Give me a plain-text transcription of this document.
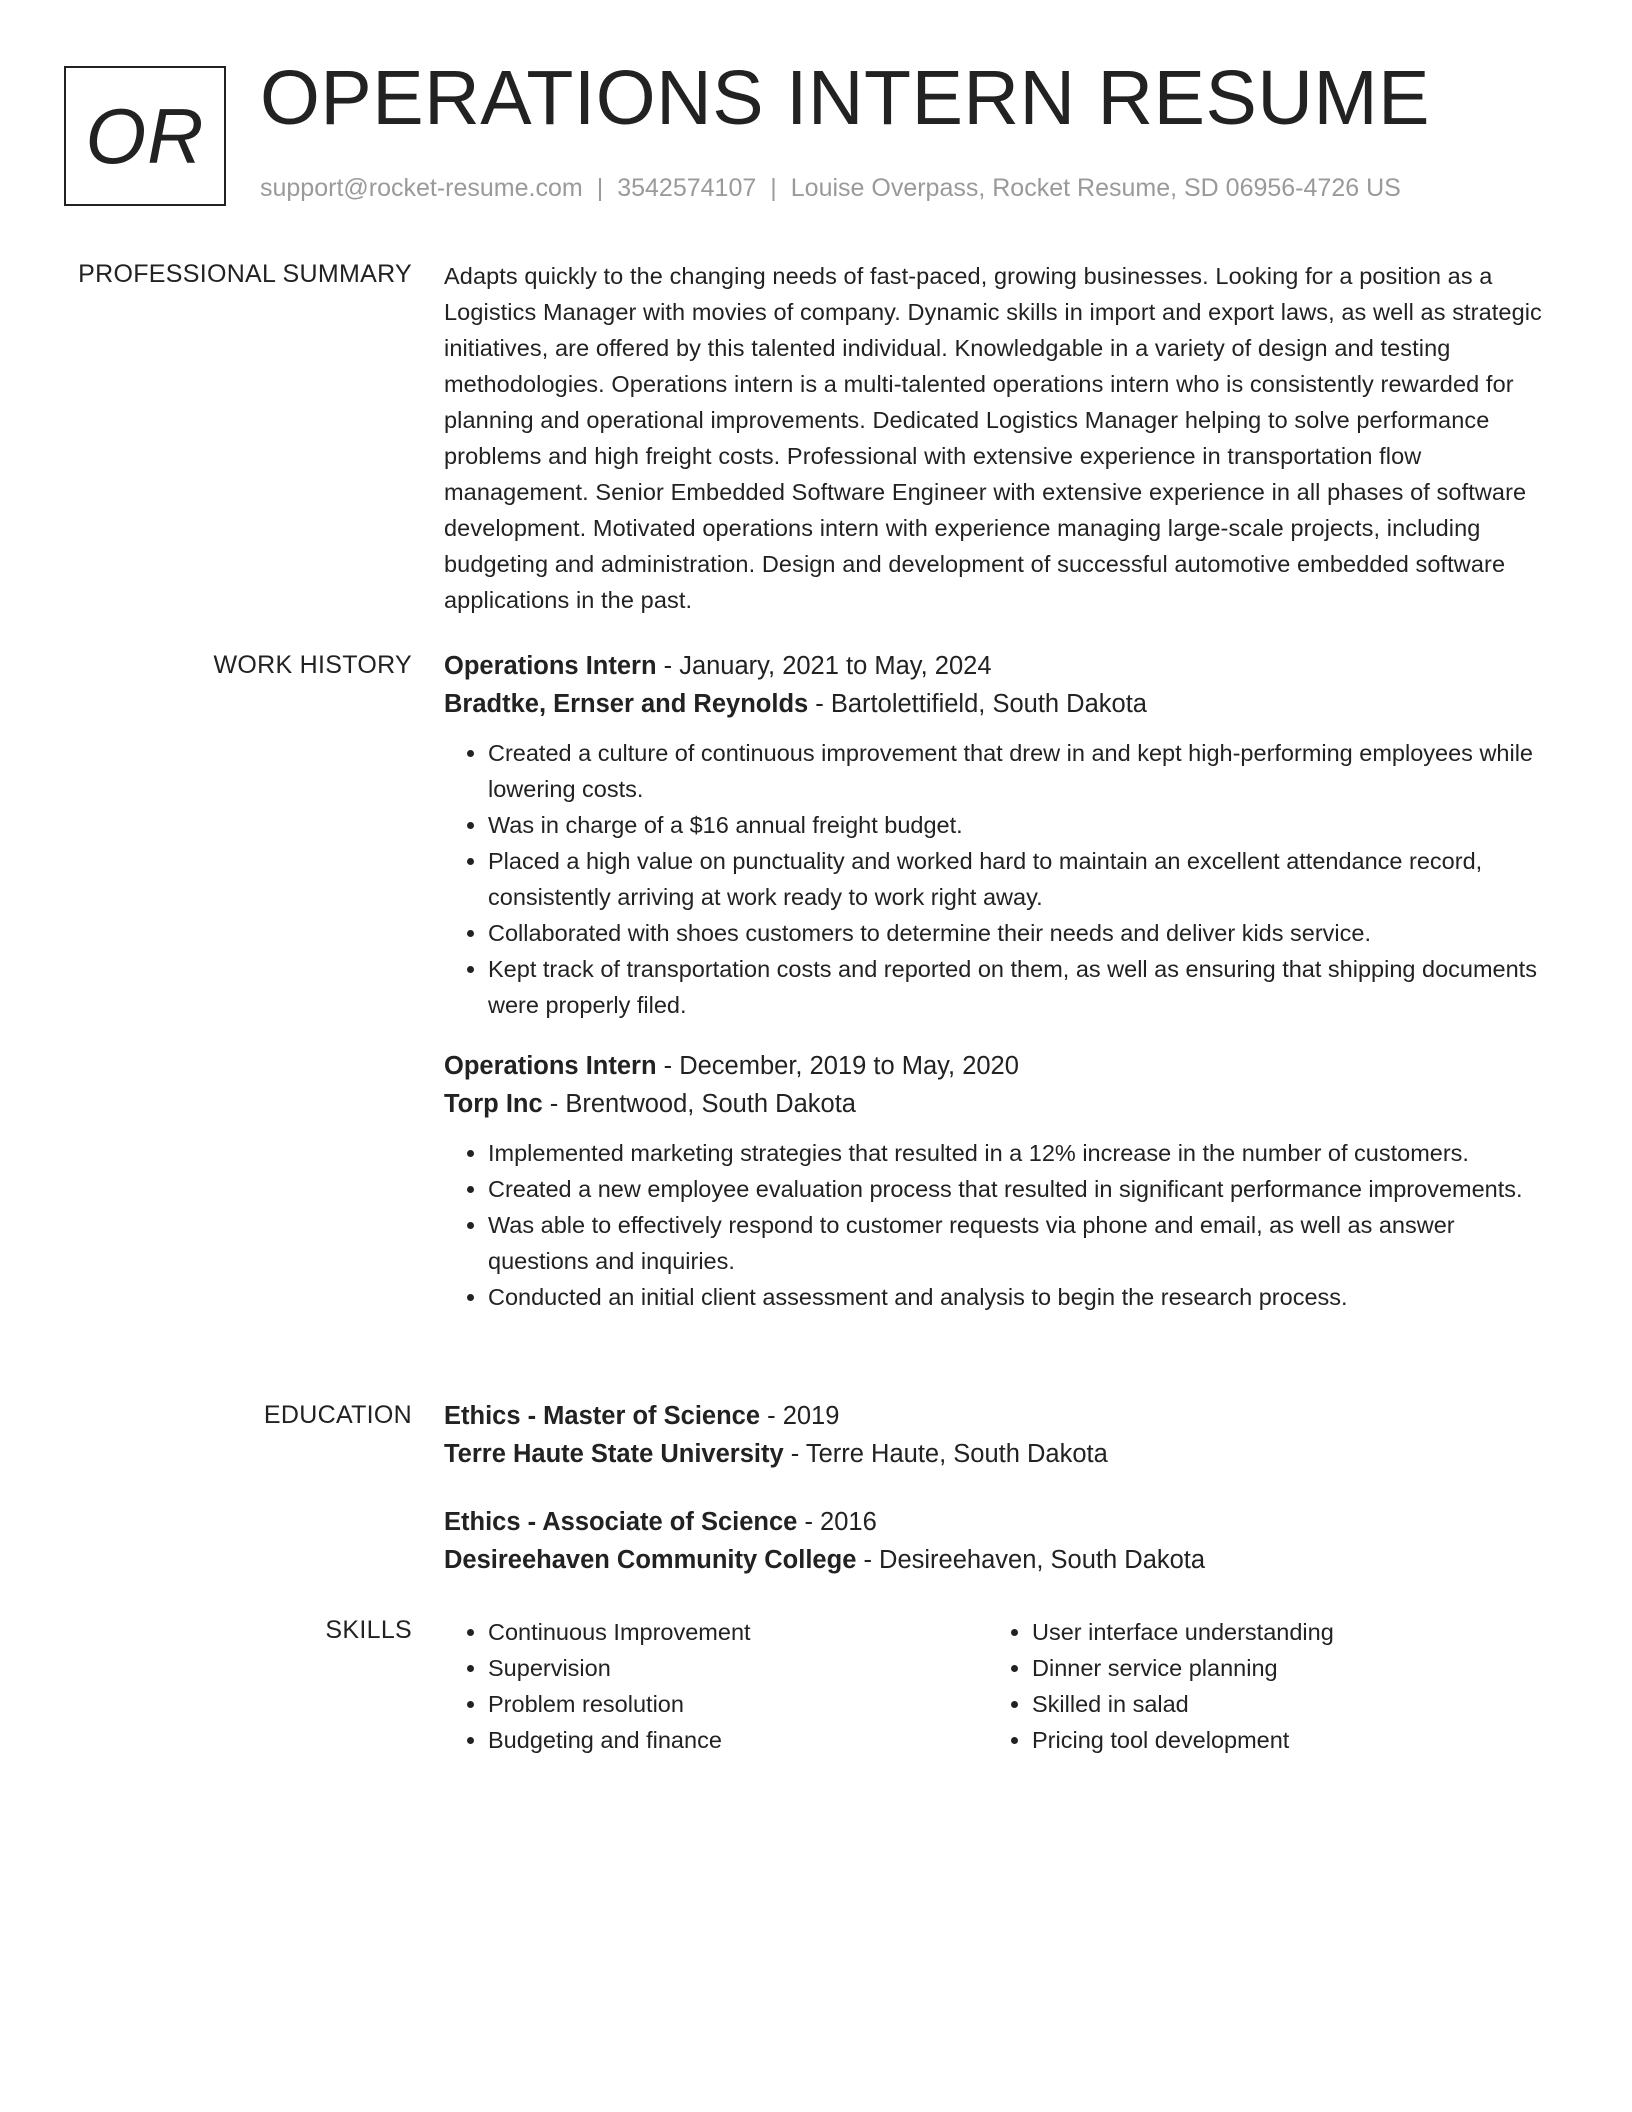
OR OPERATIONS INTERN RESUME
support@rocket-resume.com | 3542574107 | Louise Overpass, Rocket Resume, SD 06956-4726 US
PROFESSIONAL SUMMARY Adapts quickly to the changing needs of fast-paced, growing businesses. Looking for a position as a Logistics Manager with movies of company. Dynamic skills in import and export laws, as well as strategic initiatives, are offered by this talented individual. Knowledgable in a variety of design and testing methodologies. Operations intern is a multi-talented operations intern who is consistently rewarded for planning and operational improvements. Dedicated Logistics Manager helping to solve performance problems and high freight costs. Professional with extensive experience in transportation flow management. Senior Embedded Software Engineer with extensive experience in all phases of software development. Motivated operations intern with experience managing large-scale projects, including budgeting and administration. Design and development of successful automotive embedded software applications in the past.

WORK HISTORY Operations Intern - January, 2021 to May, 2024
Bradtke, Ernser and Reynolds - Bartolettifield, South Dakota
• Created a culture of continuous improvement that drew in and kept high-performing employees while lowering costs.
• Was in charge of a $16 annual freight budget.
• Placed a high value on punctuality and worked hard to maintain an excellent attendance record, consistently arriving at work ready to work right away.
• Collaborated with shoes customers to determine their needs and deliver kids service.
• Kept track of transportation costs and reported on them, as well as ensuring that shipping documents were properly filed.
Operations Intern - December, 2019 to May, 2020
Torp Inc - Brentwood, South Dakota
• Implemented marketing strategies that resulted in a 12% increase in the number of customers.
• Created a new employee evaluation process that resulted in significant performance improvements.
• Was able to effectively respond to customer requests via phone and email, as well as answer questions and inquiries.
• Conducted an initial client assessment and analysis to begin the research process.
EDUCATION Ethics - Master of Science - 2019
Terre Haute State University - Terre Haute, South Dakota
Ethics - Associate of Science - 2016
Desireehaven Community College - Desireehaven, South Dakota
SKILLS
•	Continuous Improvement
• Supervision
• Problem resolution
• Budgeting and finance
• User interface understanding
• Dinner service planning
• Skilled in salad
• Pricing tool development
